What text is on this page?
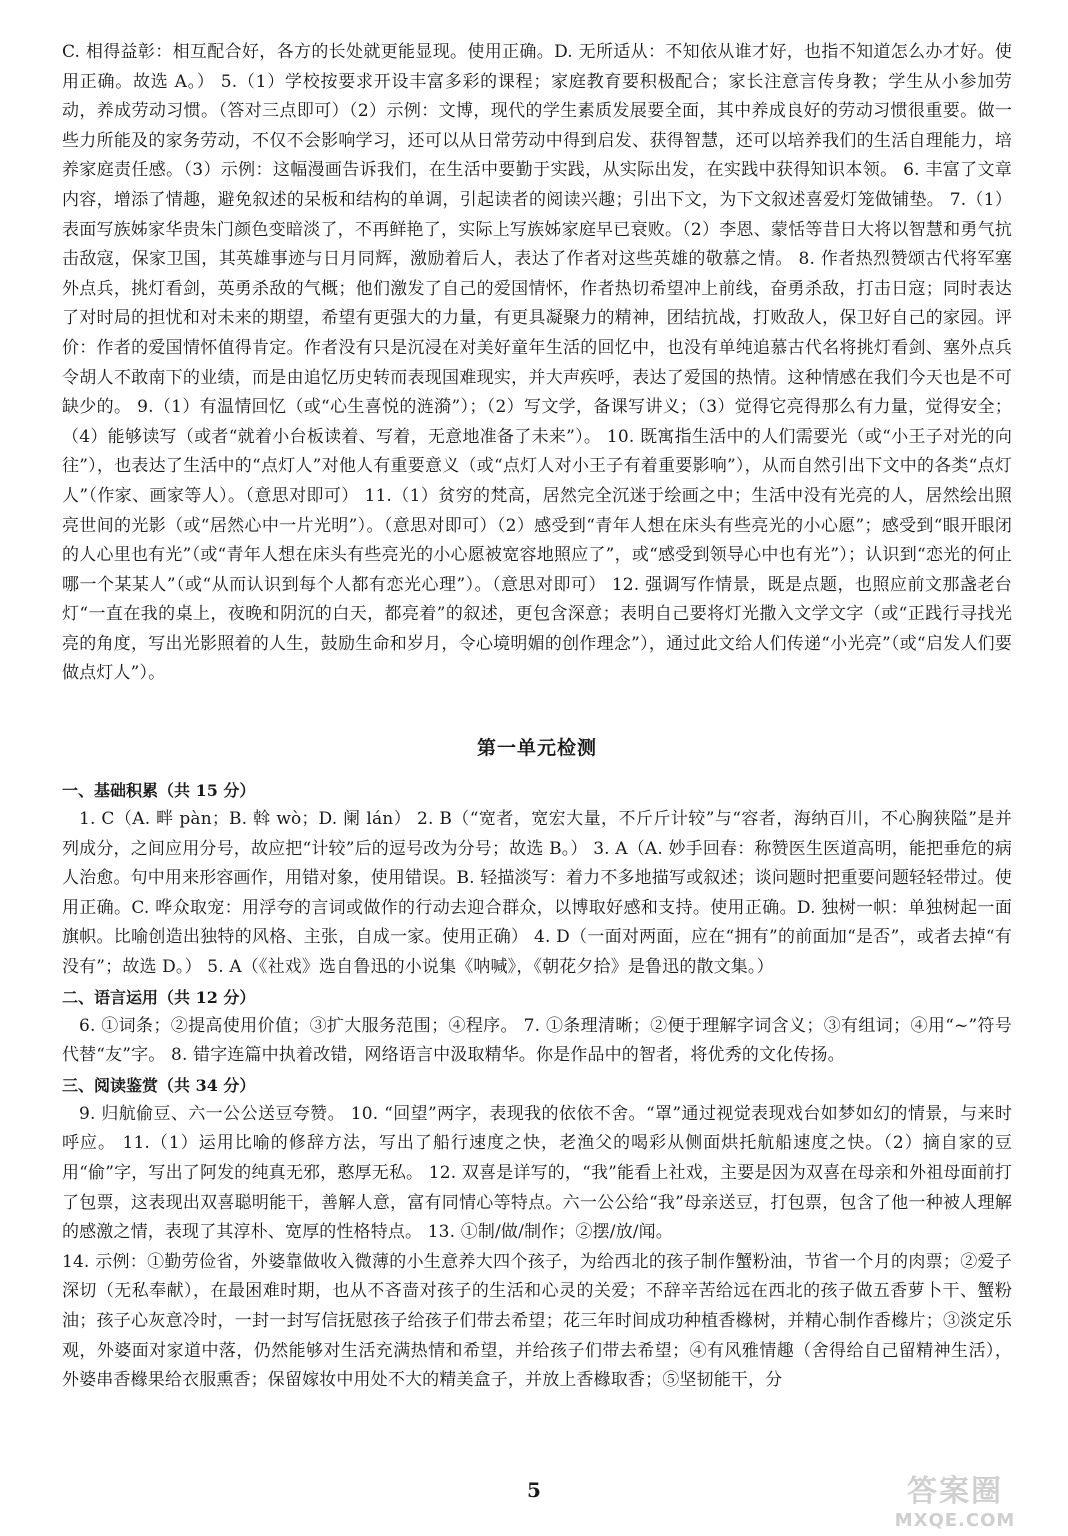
C. 相得益彰：相互配合好，各方的长处就更能显现。使用正确。D. 无所适从：不知依从谁才好，也指不知道怎么办才好。使用正确。故选 A。） 5.（1）学校按要求开设丰富多彩的课程；家庭教育要积极配合；家长注意言传身教；学生从小参加劳动，养成劳动习惯。（答对三点即可）（2）示例：文博，现代的学生素质发展要全面，其中养成良好的劳动习惯很重要。做一些力所能及的家务劳动，不仅不会影响学习，还可以从日常劳动中得到启发、获得智慧，还可以培养我们的生活自理能力，培养家庭责任感。（3）示例：这幅漫画告诉我们，在生活中要勤于实践，从实际出发，在实践中获得知识本领。 6. 丰富了文章内容，增添了情趣，避免叙述的呆板和结构的单调，引起读者的阅读兴趣；引出下文，为下文叙述喜爱灯笼做铺垫。 7.（1）表面写族姊家华贵朱门颜色变暗淡了，不再鲜艳了，实际上写族姊家庭早已衰败。（2）李恩、蒙恬等昔日大将以智慧和勇气抗击敌寇，保家卫国，其英雄事迹与日月同辉，激励着后人，表达了作者对这些英雄的敬慕之情。 8. 作者热烈赞颂古代将军塞外点兵，挑灯看剑，英勇杀敌的气概；他们激发了自己的爱国情怀，作者热切希望冲上前线，奋勇杀敌，打击日寇；同时表达了对时局的担忧和对未来的期望，希望有更强大的力量，有更具凝聚力的精神，团结抗战，打败敌人，保卫好自己的家园。评价：作者的爱国情怀值得肯定。作者没有只是沉浸在对美好童年生活的回忆中，也没有单纯追慕古代名将挑灯看剑、塞外点兵令胡人不敢南下的业绩，而是由追忆历史转而表现国难现实，并大声疾呼，表达了爱国的热情。这种情感在我们今天也是不可缺少的。 9.（1）有温情回忆（或“心生喜悦的涟漪”）；（2）写文学，备课写讲义；（3）觉得它亮得那么有力量，觉得安全；（4）能够读写（或者“就着小台板读着、写着，无意地准备了未来”）。 10. 既寓指生活中的人们需要光（或“小王子对光的向往”），也表达了生活中的“点灯人”对他人有重要意义（或“点灯人对小王子有着重要影响”），从而自然引出下文中的各类“点灯人”（作家、画家等人）。（意思对即可） 11.（1）贫穷的梵高，居然完全沉迷于绘画之中；生活中没有光亮的人，居然绘出照亮世间的光影（或“居然心中一片光明”）。（意思对即可）（2）感受到“青年人想在床头有些亮光的小心愿”；感受到“眼开眼闭的人心里也有光”（或“青年人想在床头有些亮光的小心愿被宽容地照应了”，或“感受到领导心中也有光”）；认识到“恋光的何止哪一个某某人”（或“从而认识到每个人都有恋光心理”）。（意思对即可） 12. 强调写作情景，既是点题，也照应前文那盏老台灯“一直在我的桌上，夜晚和阴沉的白天，都亮着”的叙述，更包含深意；表明自己要将灯光撒入文学文字（或“正践行寻找光亮的角度，写出光影照着的人生，鼓励生命和岁月，令心境明媚的创作理念”），通过此文给人们传递“小光亮”（或“启发人们要做点灯人”）。

第一单元检测

一、基础积累（共 15 分）

1. C（A. 畔 pàn；B. 斡 wò；D. 阑 lán） 2. B（“宽者，宽宏大量，不斤斤计较”与“容者，海纳百川，不心胸狭隘”是并列成分，之间应用分号，故应把“计较”后的逗号改为分号；故选 B。） 3. A（A. 妙手回春：称赞医生医道高明，能把垂危的病人治愈。句中用来形容画作，用错对象，使用错误。B. 轻描淡写：着力不多地描写或叙述；谈问题时把重要问题轻轻带过。使用正确。C. 哗众取宠：用浮夸的言词或做作的行动去迎合群众，以博取好感和支持。使用正确。D. 独树一帜：单独树起一面旗帜。比喻创造出独特的风格、主张，自成一家。使用正确） 4. D（一面对两面，应在“拥有”的前面加“是否”，或者去掉“有没有”；故选 D。） 5. A（《社戏》选自鲁迅的小说集《呐喊》，《朝花夕拾》是鲁迅的散文集。）

二、语言运用（共 12 分）

6. ①词条；②提高使用价值；③扩大服务范围；④程序。 7. ①条理清晰；②便于理解字词含义；③有组词；④用“~”符号代替“友”字。 8. 错字连篇中执着改错，网络语言中汲取精华。你是作品中的智者，将优秀的文化传扬。

三、阅读鉴赏（共 34 分）

9. 归航偷豆、六一公公送豆夸赞。 10. “回望”两字，表现我的依依不舍。“罩”通过视觉表现戏台如梦如幻的情景，与来时呼应。 11.（1）运用比喻的修辞方法，写出了船行速度之快，老渔父的喝彩从侧面烘托航船速度之快。（2）摘自家的豆用“偷”字，写出了阿发的纯真无邪，憨厚无私。 12. 双喜是详写的，“我”能看上社戏，主要是因为双喜在母亲和外祖母面前打了包票，这表现出双喜聪明能干，善解人意，富有同情心等特点。六一公公给“我”母亲送豆，打包票，包含了他一种被人理解的感激之情，表现了其淳朴、宽厚的性格特点。 13. ①制/做/制作；②摆/放/闻。

14. 示例：①勤劳俭省，外婆靠做收入微薄的小生意养大四个孩子，为给西北的孩子制作蟹粉油，节省一个月的肉票；②爱子深切（无私奉献），在最困难时期，也从不吝啬对孩子的生活和心灵的关爱；不辞辛苦给远在西北的孩子做五香萝卜干、蟹粉油；孩子心灰意冷时，一封一封写信抚慰孩子给孩子们带去希望；花三年时间成功种植香橼树，并精心制作香橼片；③淡定乐观，外婆面对家道中落，仍然能够对生活充满热情和希望，并给孩子们带去希望；④有风雅情趣（舍得给自己留精神生活），外婆串香橼果给衣服熏香；保留嫁妆中用处不大的精美盒子，并放上香橼取香；⑤坚韧能干，分

5	答案圈
MXQE.COM
